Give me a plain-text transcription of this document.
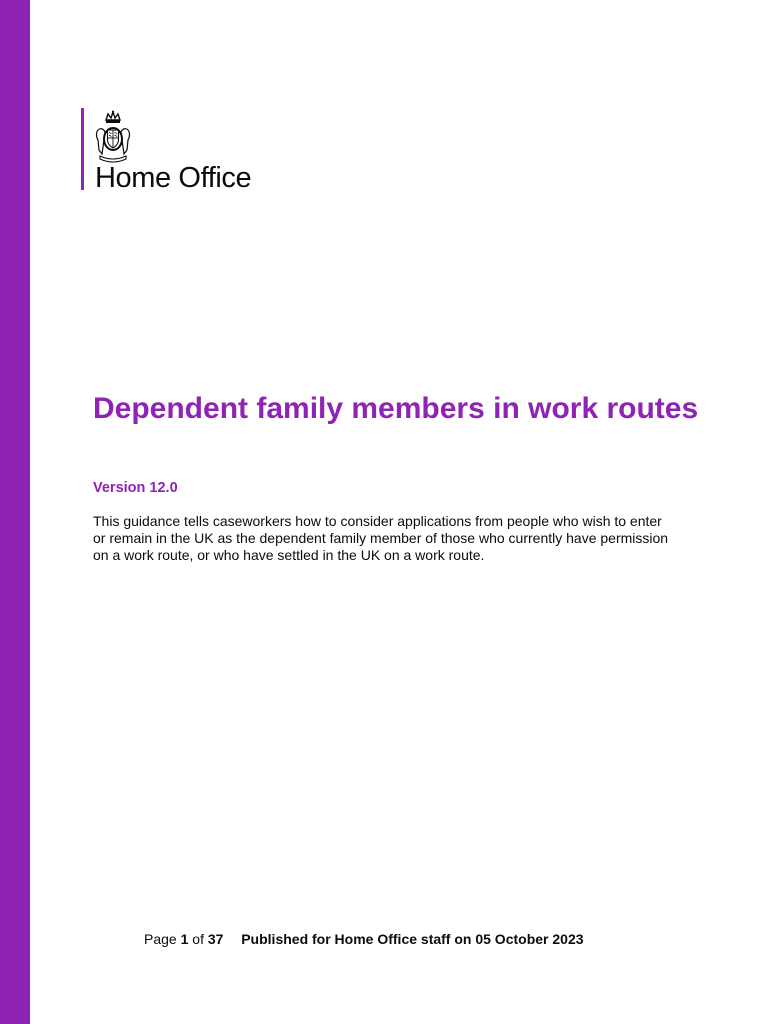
Home Office
Dependent family members in work routes
Version 12.0

This guidance tells caseworkers how to consider applications from people who wish to enter or remain in the UK as the dependent family member of those who currently have permission on a work route, or who have settled in the UK on a work route.

Page 1 of 37 Published for Home Office staff on 05 October 2023
